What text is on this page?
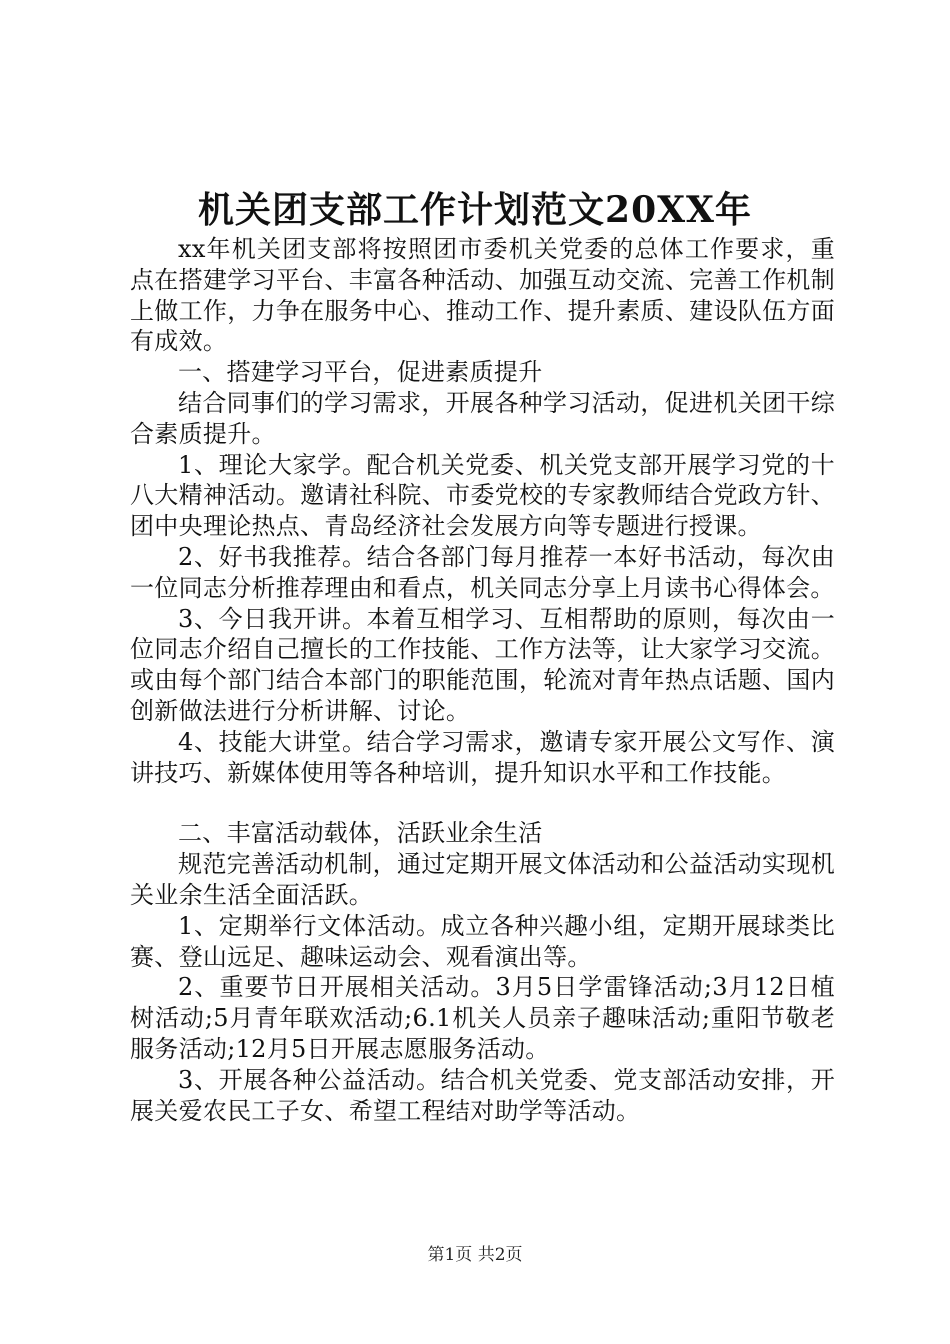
机关团支部工作计划范文20XX年

xx年机关团支部将按照团市委机关党委的总体工作要求，重点在搭建学习平台、丰富各种活动、加强互动交流、完善工作机制上做工作，力争在服务中心、推动工作、提升素质、建设队伍方面有成效。

一、搭建学习平台，促进素质提升

结合同事们的学习需求，开展各种学习活动，促进机关团干综合素质提升。

1、理论大家学。配合机关党委、机关党支部开展学习党的十八大精神活动。邀请社科院、市委党校的专家教师结合党政方针、团中央理论热点、青岛经济社会发展方向等专题进行授课。

2、好书我推荐。结合各部门每月推荐一本好书活动，每次由一位同志分析推荐理由和看点，机关同志分享上月读书心得体会。

3、今日我开讲。本着互相学习、互相帮助的原则，每次由一位同志介绍自己擅长的工作技能、工作方法等，让大家学习交流。或由每个部门结合本部门的职能范围，轮流对青年热点话题、国内创新做法进行分析讲解、讨论。

4、技能大讲堂。结合学习需求，邀请专家开展公文写作、演讲技巧、新媒体使用等各种培训，提升知识水平和工作技能。

二、丰富活动载体，活跃业余生活

规范完善活动机制，通过定期开展文体活动和公益活动实现机关业余生活全面活跃。

1、定期举行文体活动。成立各种兴趣小组，定期开展球类比赛、登山远足、趣味运动会、观看演出等。

2、重要节日开展相关活动。3月5日学雷锋活动;3月12日植树活动;5月青年联欢活动;6.1机关人员亲子趣味活动;重阳节敬老服务活动;12月5日开展志愿服务活动。

3、开展各种公益活动。结合机关党委、党支部活动安排，开展关爱农民工子女、希望工程结对助学等活动。

第1页 共2页
